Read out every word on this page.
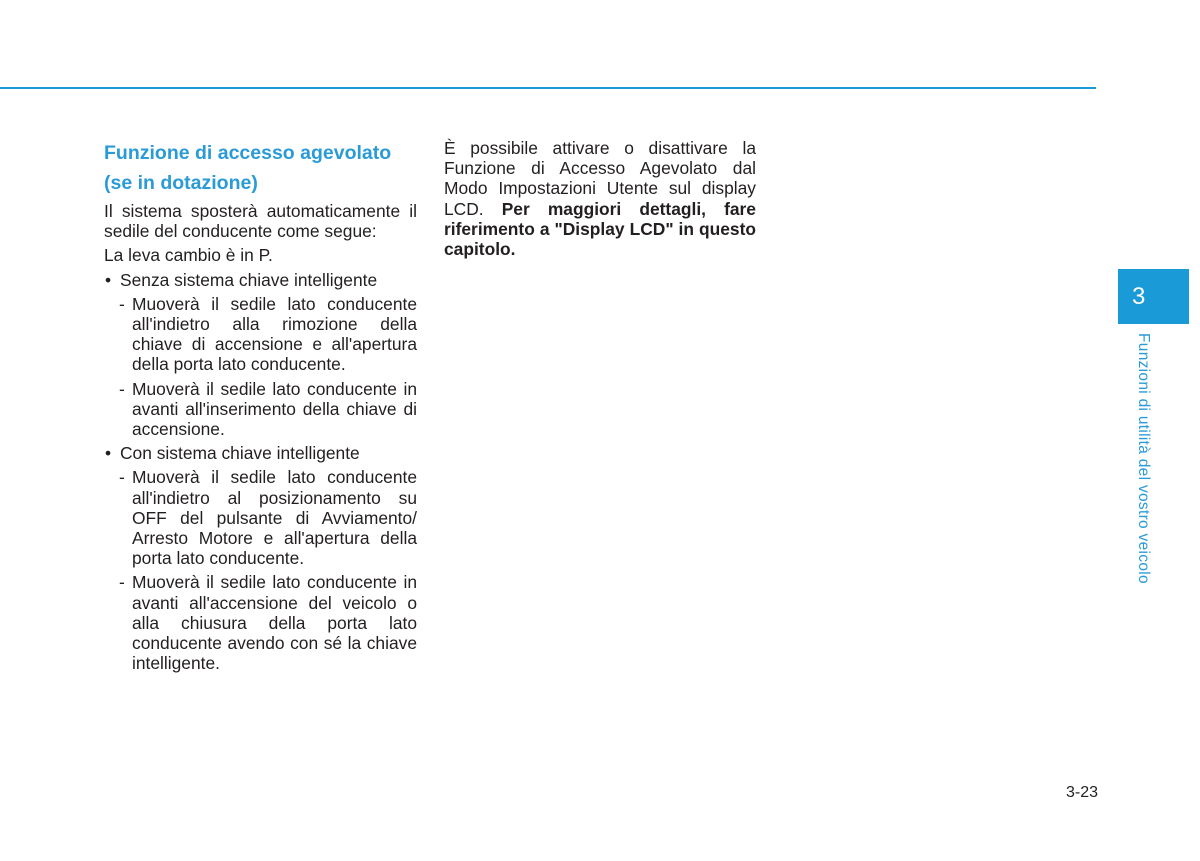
Funzione di accesso agevolato
(se in dotazione)

Il sistema sposterà automaticamente il sedile del conducente come segue:

La leva cambio è in P.

• Senza sistema chiave intelligente
- Muoverà il sedile lato conducente all'indietro alla rimozione della chiave di accensione e all'apertura della porta lato conducente.
- Muoverà il sedile lato conducente in avanti all'inserimento della chiave di accensione.
• Con sistema chiave intelligente
- Muoverà il sedile lato conducente all'indietro al posizionamento su OFF del pulsante di Avviamento/ Arresto Motore e all'apertura della porta lato conducente.
- Muoverà il sedile lato conducente in avanti all'accensione del veicolo o alla chiusura della porta lato conducente avendo con sé la chiave intelligente.

È possibile attivare o disattivare la Funzione di Accesso Agevolato dal Modo Impostazioni Utente sul display LCD. Per maggiori dettagli, fare riferimento a "Display LCD" in questo capitolo.

3
Funzioni di utilità del vostro veicolo
3-23
